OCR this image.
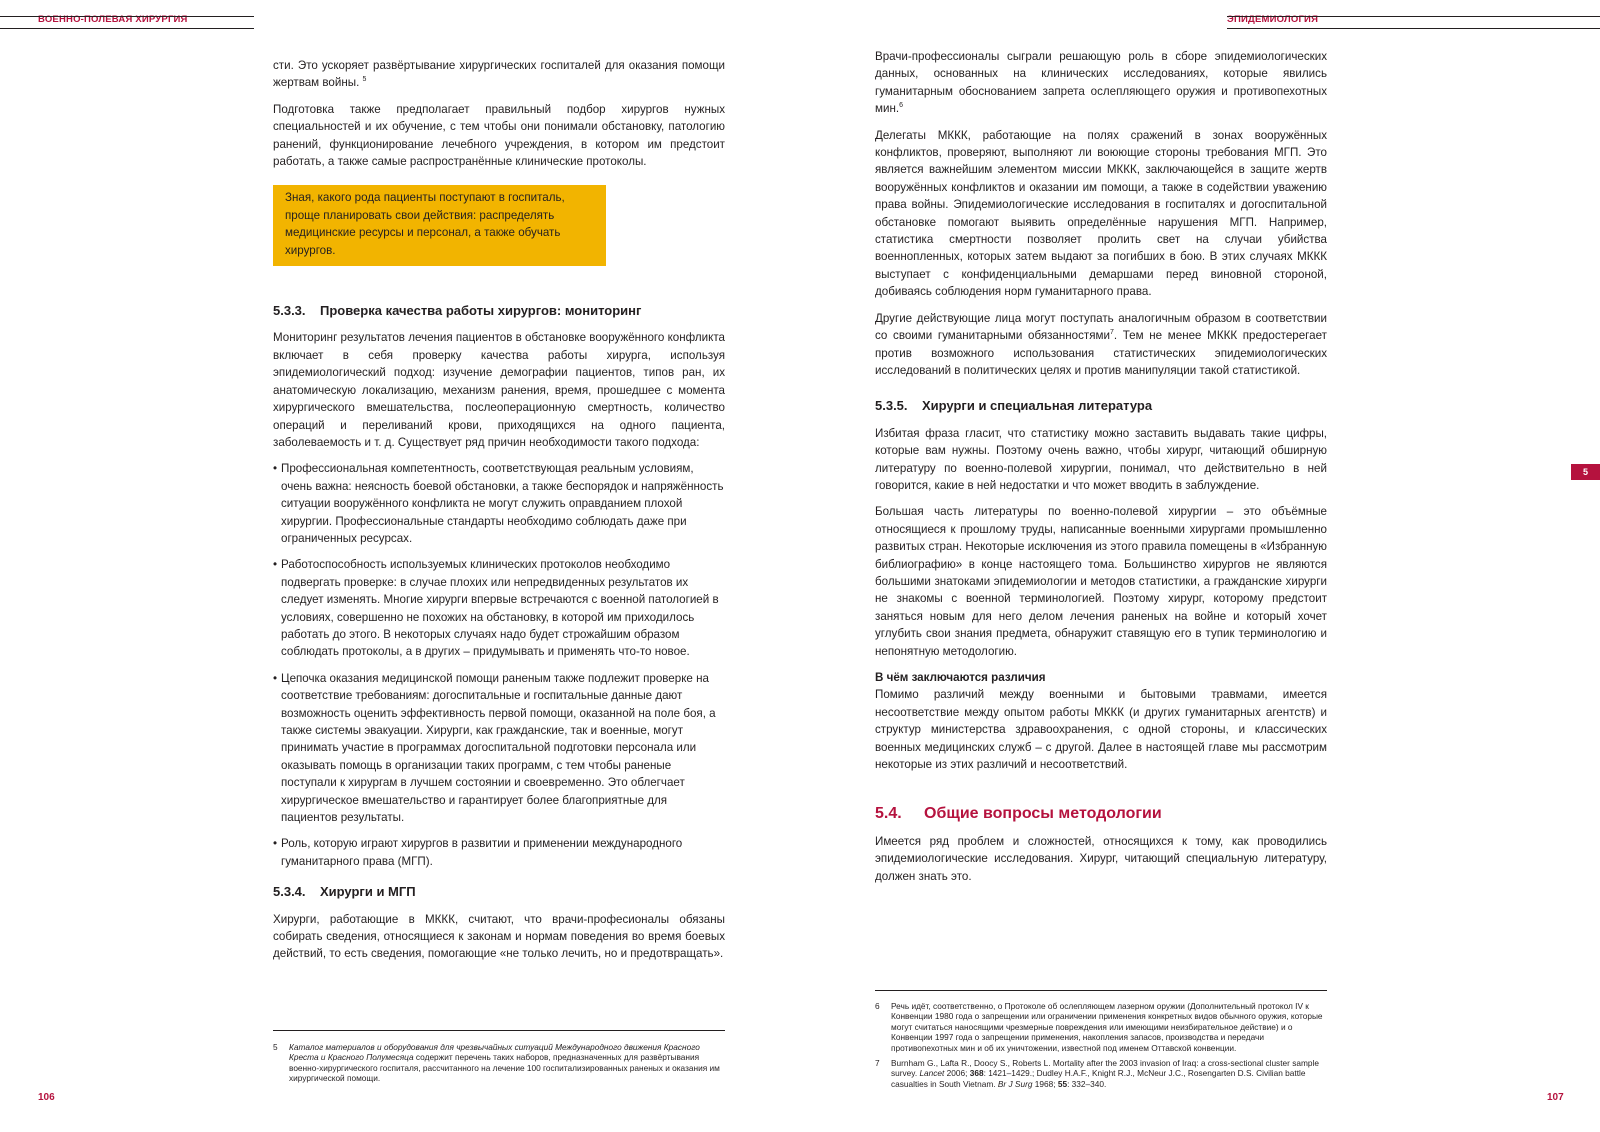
ВОЕННО-ПОЛЕВАЯ ХИРУРГИЯ	ЭПИДЕМИОЛОГИЯ
5

сти. Это ускоряет развёртывание хирургических госпиталей для оказания помощи жертвам войны. $^5$

Подготовка также предполагает правильный подбор хирургов нужных специальностей и их обучение, с тем чтобы они понимали обстановку, патологию ранений, функционирование лечебного учреждения, в котором им предстоит работать, а также самые распространённые клинические протоколы.

Зная, какого рода пациенты поступают в госпиталь, проще планировать свои действия: распределять медицинские ресурсы и персонал, а также обучать хирургов.
5.3.3. Проверка качества работы хирургов: мониторинг

Мониторинг результатов лечения пациентов в обстановке вооружённого конфликта включает в себя проверку качества работы хирурга, используя эпидемиологический подход: изучение демографии пациентов, типов ран, их анатомическую локализацию, механизм ранения, время, прошедшее с момента хирургического вмешательства, послеоперационную смертность, количество операций и переливаний крови, приходящихся на одного пациента, заболеваемость и т. д. Существует ряд причин необходимости такого подхода:

• Профессиональная компетентность, соответствующая реальным условиям, очень важна: неясность боевой обстановки, а также беспорядок и напряжённость ситуации вооружённого конфликта не могут служить оправданием плохой хирургии. Профессиональные стандарты необходимо соблюдать даже при ограниченных ресурсах.
• Работоспособность используемых клинических протоколов необходимо подвергать проверке: в случае плохих или непредвиденных результатов их следует изменять. Многие хирурги впервые встречаются с военной патологией в условиях, совершенно не похожих на обстановку, в которой им приходилось работать до этого. В некоторых случаях надо будет строжайшим образом соблюдать протоколы, а в других – придумывать и применять что-то новое.
• Цепочка оказания медицинской помощи раненым также подлежит проверке на соответствие требованиям: догоспитальные и госпитальные данные дают возможность оценить эффективность первой помощи, оказанной на поле боя, а также системы эвакуации. Хирурги, как гражданские, так и военные, могут принимать участие в программах догоспитальной подготовки персонала или оказывать помощь в организации таких программ, с тем чтобы раненые поступали к хирургам в лучшем состоянии и своевременно. Это облегчает хирургическое вмешательство и гарантирует более благоприятные для пациентов результаты.
• Роль, которую играют хирургов в развитии и применении международного гуманитарного права (МГП).
5.3.4. Хирурги и МГП

Хирурги, работающие в МККК, считают, что врачи-професионалы обязаны собирать сведения, относящиеся к законам и нормам поведения во время боевых действий, то есть сведения, помогающие «не только лечить, но и предотвращать».

5 Каталог материалов и оборудования для чрезвычайных ситуаций Международного движения Красного Креста и Красного Полумесяца содержит перечень таких наборов, предназначенных для развёртывания военно-хирургического госпиталя, рассчитанного на лечение 100 госпитализированных раненых и оказания им хирургической помощи.

Врачи-профессионалы сыграли решающую роль в сборе эпидемиологических данных, основанных на клинических исследованиях, которые явились гуманитарным обоснованием запрета ослепляющего оружия и противопехотных мин.$^6$

Делегаты МККК, работающие на полях сражений в зонах вооружённых конфликтов, проверяют, выполняют ли воюющие стороны требования МГП. Это является важнейшим элементом миссии МККК, заключающейся в защите жертв вооружённых конфликтов и оказании им помощи, а также в содействии уважению права войны. Эпидемиологические исследования в госпиталях и догоспитальной обстановке помогают выявить определённые нарушения МГП. Например, статистика смертности позволяет пролить свет на случаи убийства военнопленных, которых затем выдают за погибших в бою. В этих случаях МККК выступает с конфиденциальными демаршами перед виновной стороной, добиваясь соблюдения норм гуманитарного права.

Другие действующие лица могут поступать аналогичным образом в соответствии со своими гуманитарными обязанностями$^7$. Тем не менее МККК предостерегает против возможного использования статистических эпидемиологических исследований в политических целях и против манипуляции такой статистикой.

5.3.5. Хирурги и специальная литература

Избитая фраза гласит, что статистику можно заставить выдавать такие цифры, которые вам нужны. Поэтому очень важно, чтобы хирург, читающий обширную литературу по военно-полевой хирургии, понимал, что действительно в ней говорится, какие в ней недостатки и что может вводить в заблуждение.

Большая часть литературы по военно-полевой хирургии – это объёмные относящиеся к прошлому труды, написанные военными хирургами промышленно развитых стран. Некоторые исключения из этого правила помещены в «Избранную библиографию» в конце настоящего тома. Большинство хирургов не являются большими знатоками эпидемиологии и методов статистики, а гражданские хирурги не знакомы с военной терминологией. Поэтому хирург, которому предстоит заняться новым для него делом лечения раненых на войне и который хочет углубить свои знания предмета, обнаружит ставящую его в тупик терминологию и непонятную методологию.

В чём заключаются различия

Помимо различий между военными и бытовыми травмами, имеется несоответствие между опытом работы МККК (и других гуманитарных агентств) и структур министерства здравоохранения, с одной стороны, и классических военных медицинских служб – с другой. Далее в настоящей главе мы рассмотрим некоторые из этих различий и несоответствий.

5.4. Общие вопросы методологии

Имеется ряд проблем и сложностей, относящихся к тому, как проводились эпидемиологические исследования. Хирург, читающий специальную литературу, должен знать это.

6 Речь идёт, соответственно, о Протоколе об ослепляющем лазерном оружии (Дополнительный протокол IV к Конвенции 1980 года о запрещении или ограничении применения конкретных видов обычного оружия, которые могут считаться наносящими чрезмерные повреждения или имеющими неизбирательное действие) и о Конвенции 1997 года о запрещении применения, накопления запасов, производства и передачи противопехотных мин и об их уничтожении, известной под именем Оттавской конвенции.
7 Burnham G., Lafta R., Doocy S., Roberts L. Mortality after the 2003 invasion of Iraq: a cross-sectional cluster sample survey. Lancet 2006; 368: 1421–1429.; Dudley H.A.F., Knight R.J., McNeur J.C., Rosengarten D.S. Civilian battle casualties in South Vietnam. Br J Surg 1968; 55: 332–340.
106	107
